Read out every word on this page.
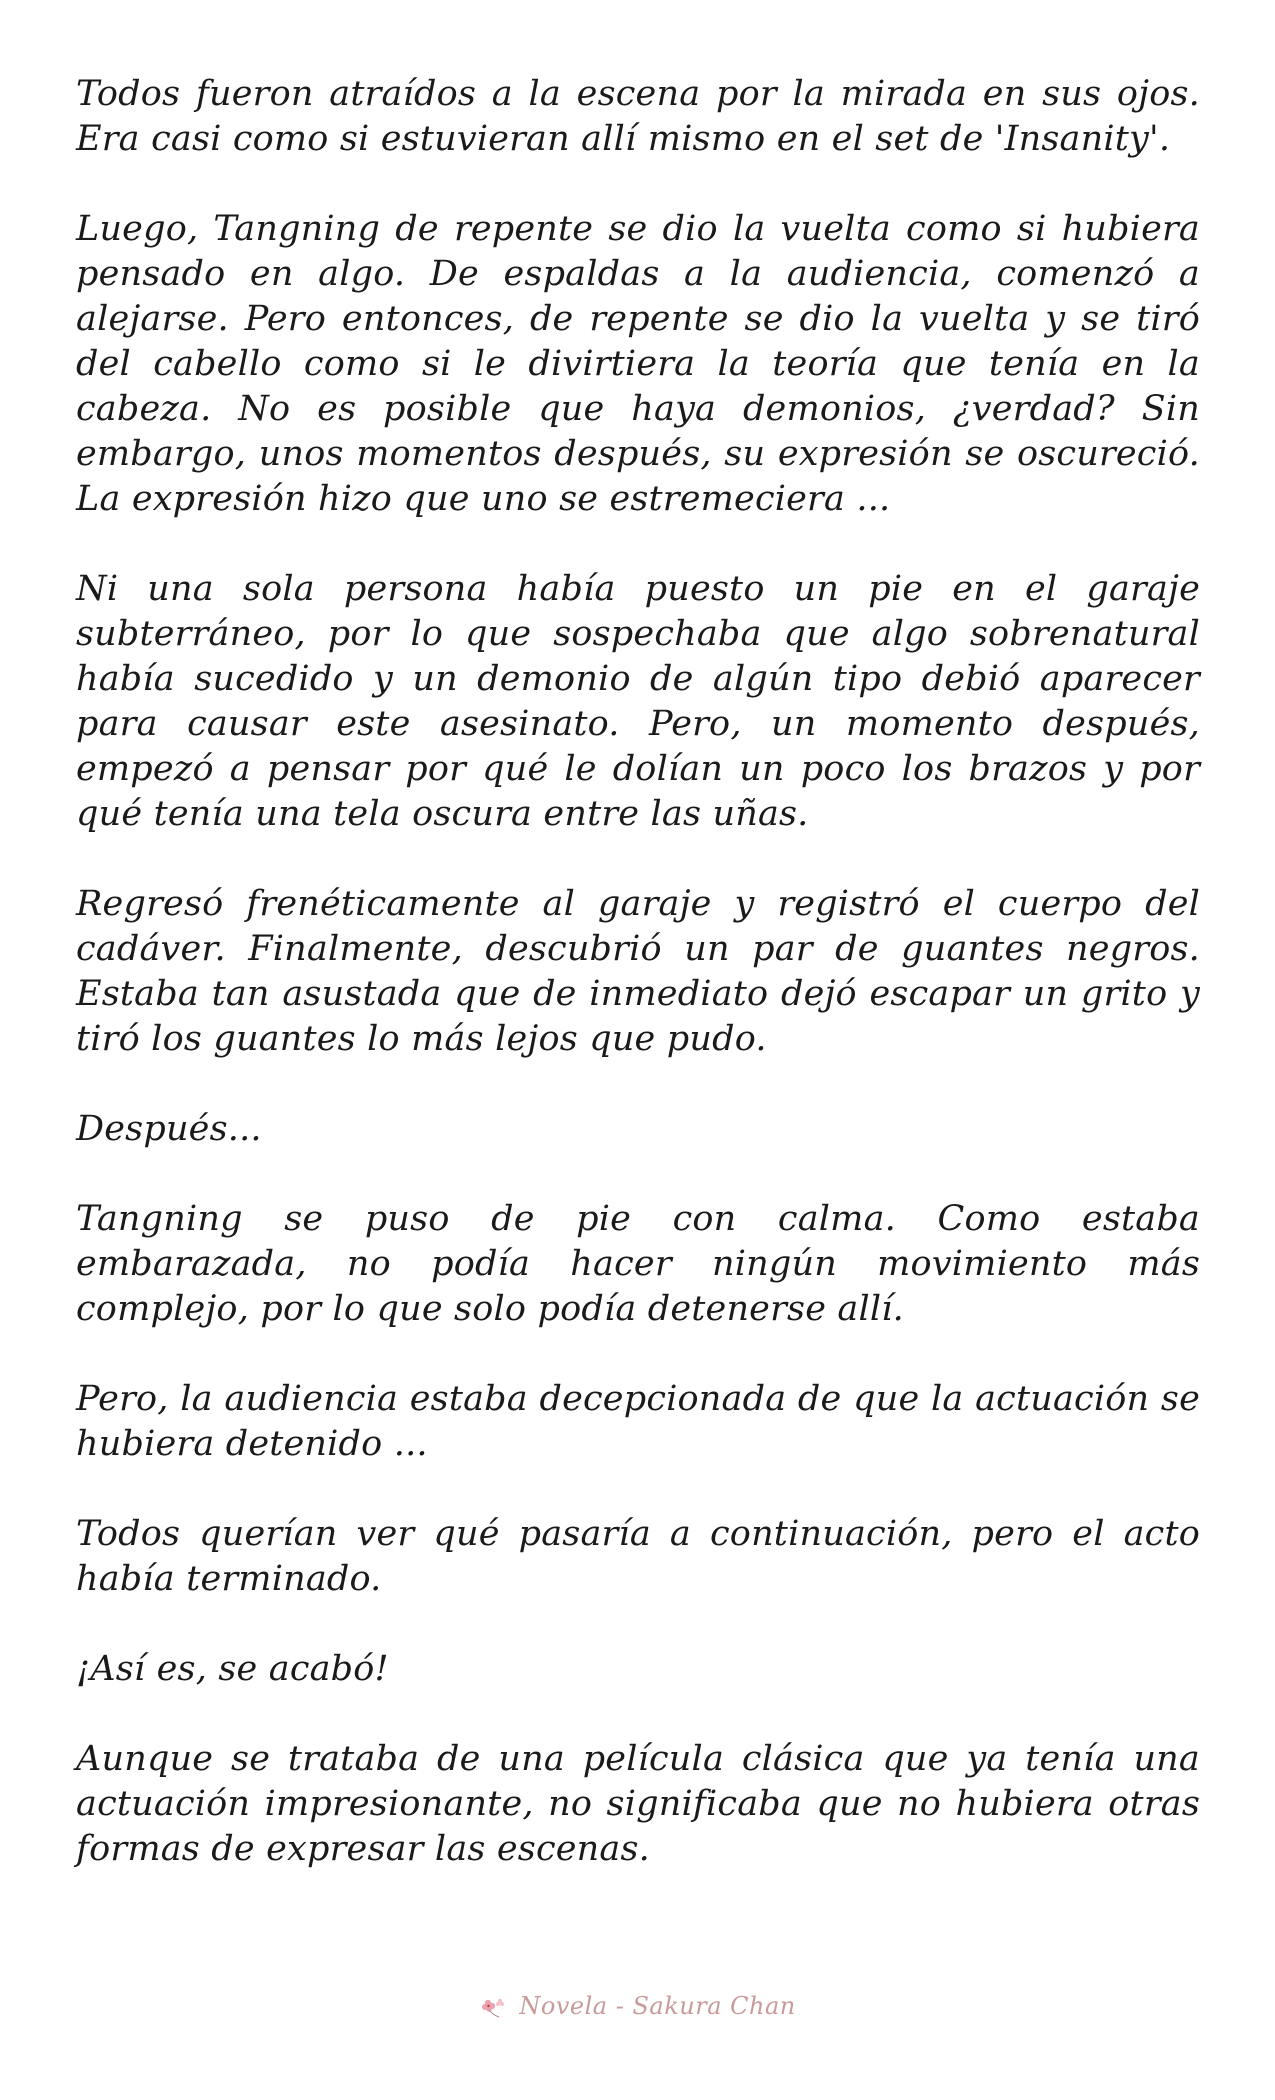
Todos fueron atraídos a la escena por la mirada en sus ojos. Era casi como si estuvieran allí mismo en el set de 'Insanity'.

Luego, Tangning de repente se dio la vuelta como si hubiera pensado en algo. De espaldas a la audiencia, comenzó a alejarse. Pero entonces, de repente se dio la vuelta y se tiró del cabello como si le divirtiera la teoría que tenía en la cabeza. No es posible que haya demonios, ¿verdad? Sin embargo, unos momentos después, su expresión se oscureció. La expresión hizo que uno se estremeciera ...

Ni una sola persona había puesto un pie en el garaje subterráneo, por lo que sospechaba que algo sobrenatural había sucedido y un demonio de algún tipo debió aparecer para causar este asesinato. Pero, un momento después, empezó a pensar por qué le dolían un poco los brazos y por qué tenía una tela oscura entre las uñas.

Regresó frenéticamente al garaje y registró el cuerpo del cadáver. Finalmente, descubrió un par de guantes negros. Estaba tan asustada que de inmediato dejó escapar un grito y tiró los guantes lo más lejos que pudo.

Después...

Tangning se puso de pie con calma. Como estaba embarazada, no podía hacer ningún movimiento más complejo, por lo que solo podía detenerse allí.

Pero, la audiencia estaba decepcionada de que la actuación se hubiera detenido ...

Todos querían ver qué pasaría a continuación, pero el acto había terminado.

¡Así es, se acabó!

Aunque se trataba de una película clásica que ya tenía una actuación impresionante, no significaba que no hubiera otras formas de expresar las escenas.

Novela - Sakura Chan
